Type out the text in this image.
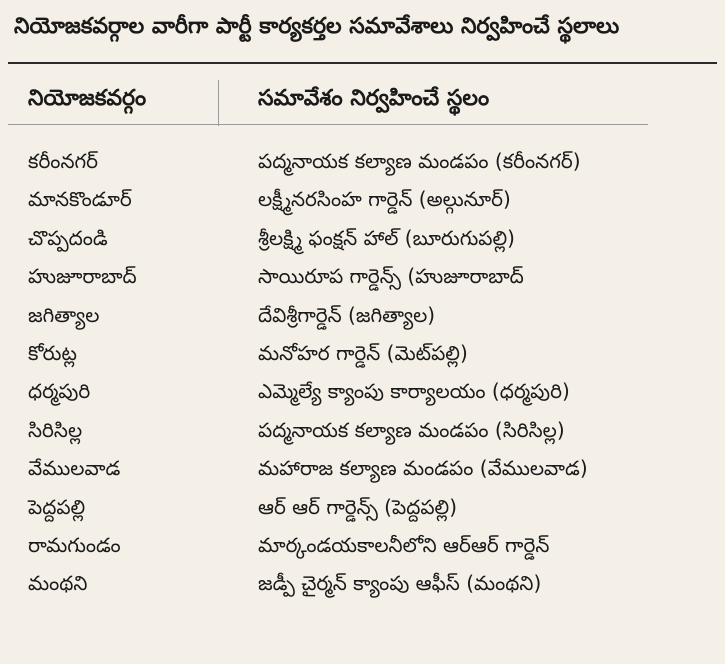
నియోజకవర్గాల వారీగా పార్టీ కార్యకర్తల సమావేశాలు నిర్వహించే స్థలాలు
నియోజకవర్గం	సమావేశం నిర్వహించే స్థలం
కరీంనగర్	పద్మనాయక కల్యాణ మండపం (కరీంనగర్)
మానకొండూర్	లక్ష్మీనరసింహ గార్డెన్ (అల్గునూర్)
చొప్పదండి	శ్రీలక్ష్మి ఫంక్షన్ హాల్ (బూరుగుపల్లి)
హుజూరాబాద్	సాయిరూప గార్డెన్స్ (హుజూరాబాద్
జగిత్యాల	దేవిశ్రీగార్డెన్ (జగిత్యాల)
కోరుట్ల	మనోహర గార్డెన్ (మెట్‌పల్లి)
ధర్మపురి	ఎమ్మెల్యే క్యాంపు కార్యాలయం (ధర్మపురి)
సిరిసిల్ల	పద్మనాయక కల్యాణ మండపం (సిరిసిల్ల)
వేములవాడ	మహారాజ కల్యాణ మండపం (వేములవాడ)
పెద్దపల్లి	ఆర్ ఆర్ గార్డెన్స్ (పెద్దపల్లి)
రామగుండం	మార్కండయకాలనీలోని ఆర్‌ఆర్ గార్డెన్
మంథని	జడ్పీ చైర్మన్ క్యాంపు ఆఫీస్ (మంథని)
